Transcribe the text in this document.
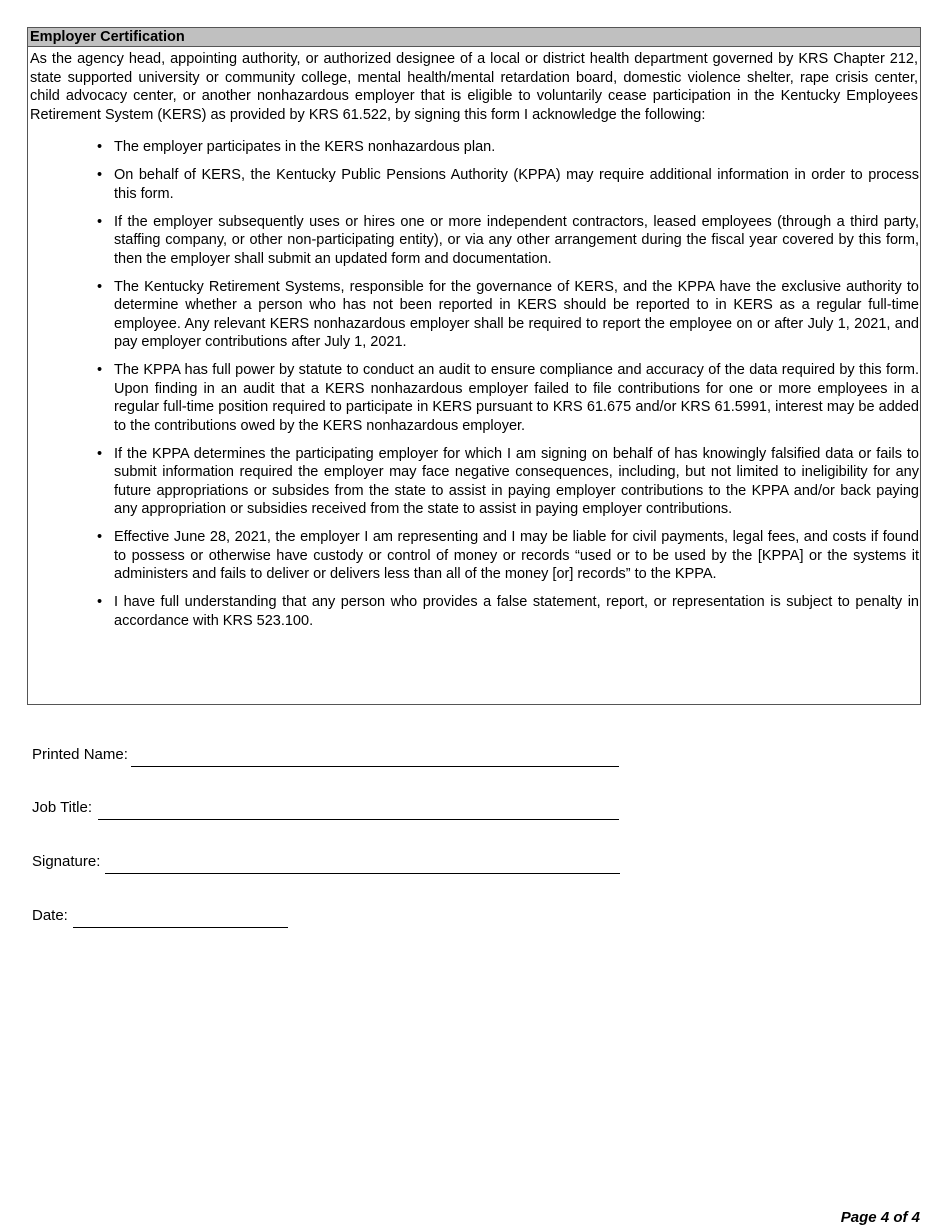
Employer Certification
As the agency head, appointing authority, or authorized designee of a local or district health department governed by KRS Chapter 212, state supported university or community college, mental health/mental retardation board, domestic violence shelter, rape crisis center, child advocacy center, or another nonhazardous employer that is eligible to voluntarily cease participation in the Kentucky Employees Retirement System (KERS) as provided by KRS 61.522, by signing this form I acknowledge the following:
• The employer participates in the KERS nonhazardous plan.
• On behalf of KERS, the Kentucky Public Pensions Authority (KPPA) may require additional information in order to process this form.
• If the employer subsequently uses or hires one or more independent contractors, leased employees (through a third party, staffing company, or other non-participating entity), or via any other arrangement during the fiscal year covered by this form, then the employer shall submit an updated form and documentation.
• The Kentucky Retirement Systems, responsible for the governance of KERS, and the KPPA have the exclusive authority to determine whether a person who has not been reported in KERS should be reported to in KERS as a regular full-time employee. Any relevant KERS nonhazardous employer shall be required to report the employee on or after July 1, 2021, and pay employer contributions after July 1, 2021.
• The KPPA has full power by statute to conduct an audit to ensure compliance and accuracy of the data required by this form. Upon finding in an audit that a KERS nonhazardous employer failed to file contributions for one or more employees in a regular full-time position required to participate in KERS pursuant to KRS 61.675 and/or KRS 61.5991, interest may be added to the contributions owed by the KERS nonhazardous employer.
• If the KPPA determines the participating employer for which I am signing on behalf of has knowingly falsified data or fails to submit information required the employer may face negative consequences, including, but not limited to ineligibility for any future appropriations or subsides from the state to assist in paying employer contributions to the KPPA and/or back paying any appropriation or subsidies received from the state to assist in paying employer contributions.
• Effective June 28, 2021, the employer I am representing and I may be liable for civil payments, legal fees, and costs if found to possess or otherwise have custody or control of money or records “used or to be used by the [KPPA] or the systems it administers and fails to deliver or delivers less than all of the money [or] records” to the KPPA.
• I have full understanding that any person who provides a false statement, report, or representation is subject to penalty in accordance with KRS 523.100.
Printed Name:
Job Title:
Signature:
Date:
Page 4 of 4
